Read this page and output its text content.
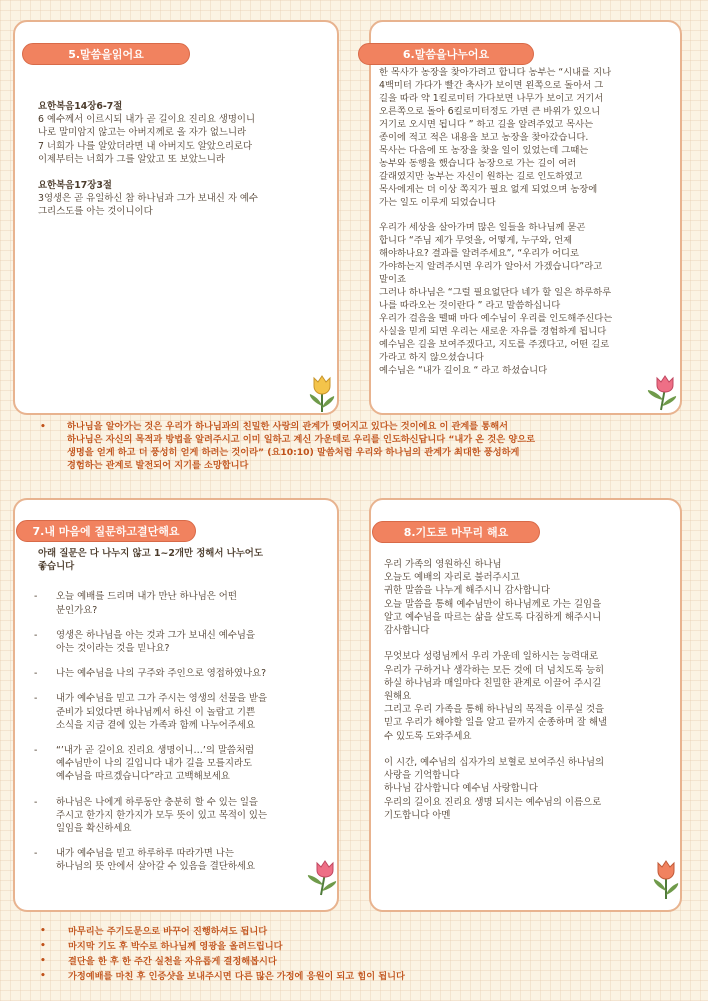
5.말씀을읽어요
요한복음14장6-7절
6 예수께서 이르시되 내가 곧 길이요 진리요 생명이니
나로 말미암지 않고는 아버지께로 올 자가 없느니라
7 너희가 나를 알았더라면 내 아버지도 알았으리로다
이제부터는 너희가 그를 알았고 또 보았느니라
요한복음17장3절
3영생은 곧 유일하신 참 하나님과 그가 보내신 자 예수
그리스도를 아는 것이니이다
6.말씀을나누어요
한 목사가 농장을 찾아가려고 합니다 농부는 “시내를 지나
4백미터 가다가 빨간 축사가 보이면 왼쪽으로 돌아서 그
길을 따라 약 1킬로미터 가다보면 나무가 보이고 거기서
오른쪽으로 돌아 6킬로미터정도 가면 큰 바위가 있으니
거기로 오시면 됩니다 ” 하고 길을 알려주었고 목사는
종이에 적고 적은 내용을 보고 농장을 찾아갔습니다.
목사는 다음에 또 농장을 찾을 일이 있었는데 그때는
농부와 동행을 했습니다 농장으로 가는 길이 여러
갈래였지만 농부는 자신이 원하는 길로 인도하였고
목사에게는 더 이상 쪽지가 필요 없게 되었으며 농장에
가는 일도 이루게 되었습니다

우리가 세상을 살아가며 많은 일들을 하나님께 묻곤
합니다 “주님 제가 무엇을, 어떻게, 누구와, 언제
해야하나요? 결과를 알려주세요”, “우리가 어디로
가야하는지 알려주시면 우리가 알아서 가겠습니다”라고
말이죠
그러나 하나님은 “그럴 필요없단다 네가 할 일은 하루하루
나를 따라오는 것이란다 ” 라고 말씀하십니다
우리가 걸음을 뗄때 마다 예수님이 우리를 인도해주신다는
사실을 믿게 되면 우리는 새로운 자유를 경험하게 됩니다
예수님은 길을 보여주겠다고, 지도를 주겠다고, 어떤 길로
가라고 하지 않으셨습니다
예수님은 “내가 길이요 “ 라고 하셨습니다
• 하나님을 알아가는 것은 우리가 하나님과의 친밀한 사랑의 관계가 맺어지고 있다는 것이에요 이 관계를 통해서
하나님은 자신의 목적과 방법을 알려주시고 이미 일하고 계신 가운데로 우리를 인도하신답니다 “내가 온 것은 양으로
생명을 얻게 하고 더 풍성히 얻게 하려는 것이라” (요10:10) 말씀처럼 우리와 하나님의 관계가 최대한 풍성하게
경험하는 관계로 발전되어 지기를 소망합니다
7.내 마음에 질문하고결단해요
아래 질문은 다 나누지 않고 1~2개만 정해서 나누어도
좋습니다
- 오늘 예배를 드리며 내가 만난 하나님은 어떤
분인가요?
- 영생은 하나님을 아는 것과 그가 보내신 예수님을
아는 것이라는 것을 믿나요?
- 나는 예수님을 나의 구주와 주인으로 영접하였나요?
- 내가 예수님을 믿고 그가 주시는 영생의 선물을 받을
준비가 되었다면 하나님께서 하신 이 놀랍고 기쁜
소식을 지금 곁에 있는 가족과 함께 나누어주세요
- “’내가 곧 길이요 진리요 생명이니…’의 말씀처럼
예수님만이 나의 길입니다 내가 길을 모를지라도
예수님을 따르겠습니다”라고 고백해보세요
- 하나님은 나에게 하루동안 충분히 할 수 있는 일을
주시고 한가지 한가지가 모두 뜻이 있고 목적이 있는
일임을 확신하세요
- 내가 예수님을 믿고 하루하루 따라가면 나는
하나님의 뜻 안에서 살아갈 수 있음을 결단하세요
8.기도로 마무리 해요
우리 가족의 영원하신 하나님
오늘도 예배의 자리로 불러주시고
귀한 말씀을 나누게 해주시니 감사합니다
오늘 말씀을 통해 예수님만이 하나님께로 가는 길임을
알고 예수님을 따르는 삶을 살도록 다짐하게 해주시니
감사합니다

무엇보다 성령님께서 우리 가운데 일하시는 능력대로
우리가 구하거나 생각하는 모든 것에 더 넘치도록 능히
하실 하나님과 매일마다 친밀한 관계로 이끌어 주시길
원해요
그리고 우리 가족을 통해 하나님의 목적을 이루실 것을
믿고 우리가 해야할 일을 알고 끝까지 순종하며 잘 해낼
수 있도록 도와주세요

이 시간, 예수님의 십자가의 보혈로 보여주신 하나님의
사랑을 기억합니다
하나님 감사합니다 예수님 사랑합니다
우리의 길이요 진리요 생명 되시는 예수님의 이름으로
기도합니다 아멘
• 마무리는 주기도문으로 바꾸어 진행하셔도 됩니다
• 마지막 기도 후 박수로 하나님께 영광을 올려드립니다
• 결단을 한 후 한 주간 실천을 자유롭게 결정해봅시다
• 가정예배를 마친 후 인증샷을 보내주시면 다른 많은 가정에 응원이 되고 힘이 됩니다
